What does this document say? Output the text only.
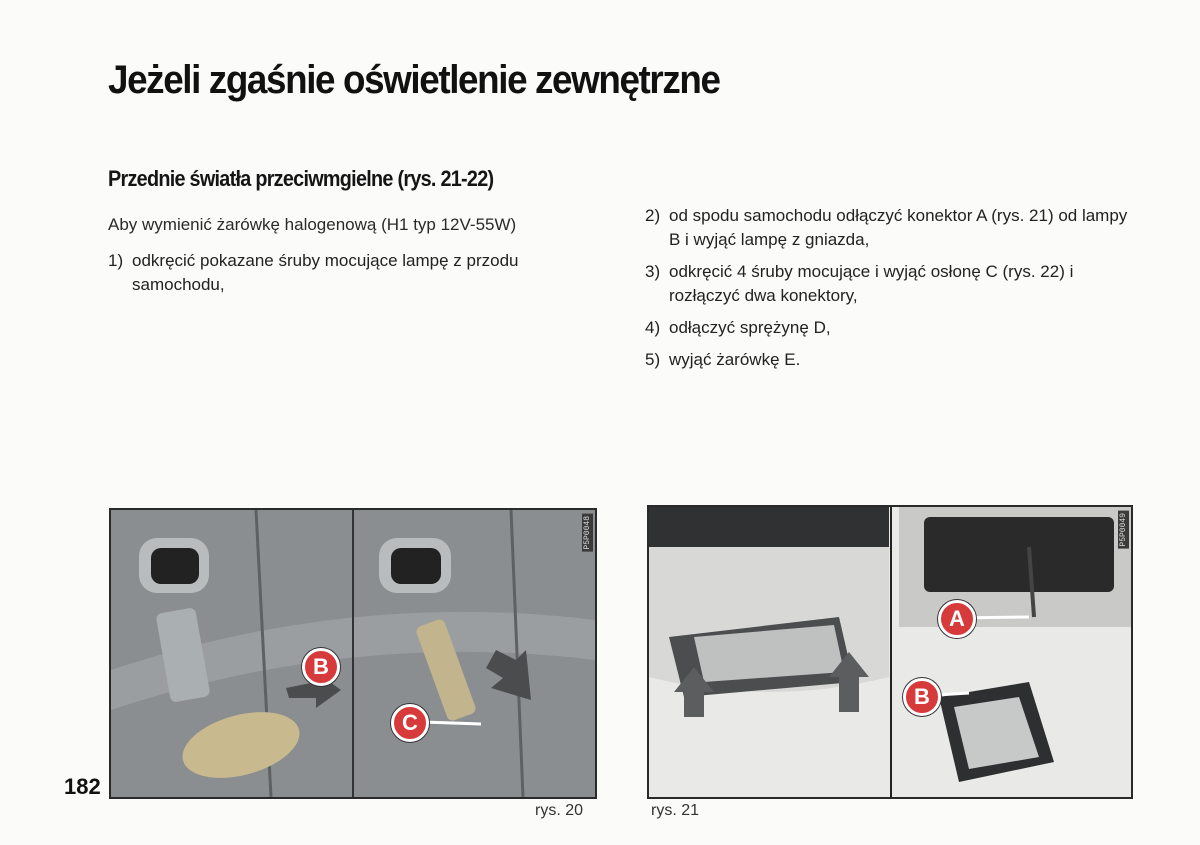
Jeżeli zgaśnie oświetlenie zewnętrzne
Przednie światła przeciwmgielne (rys. 21-22)
Aby wymienić żarówkę halogenową (H1 typ 12V-55W)
1) odkręcić pokazane śruby mocujące lampę z przodu samochodu,
2) od spodu samochodu odłączyć konektor A (rys. 21) od lampy B i wyjąć lampę z gniazda,
3) odkręcić 4 śruby mocujące i wyjąć osłonę C (rys. 22) i rozłączyć dwa konektory,
4) odłączyć sprężynę D,
5) wyjąć żarówkę E.
B
C
P5P0048
rys. 20
A
B
P5P0049
rys. 21
182
